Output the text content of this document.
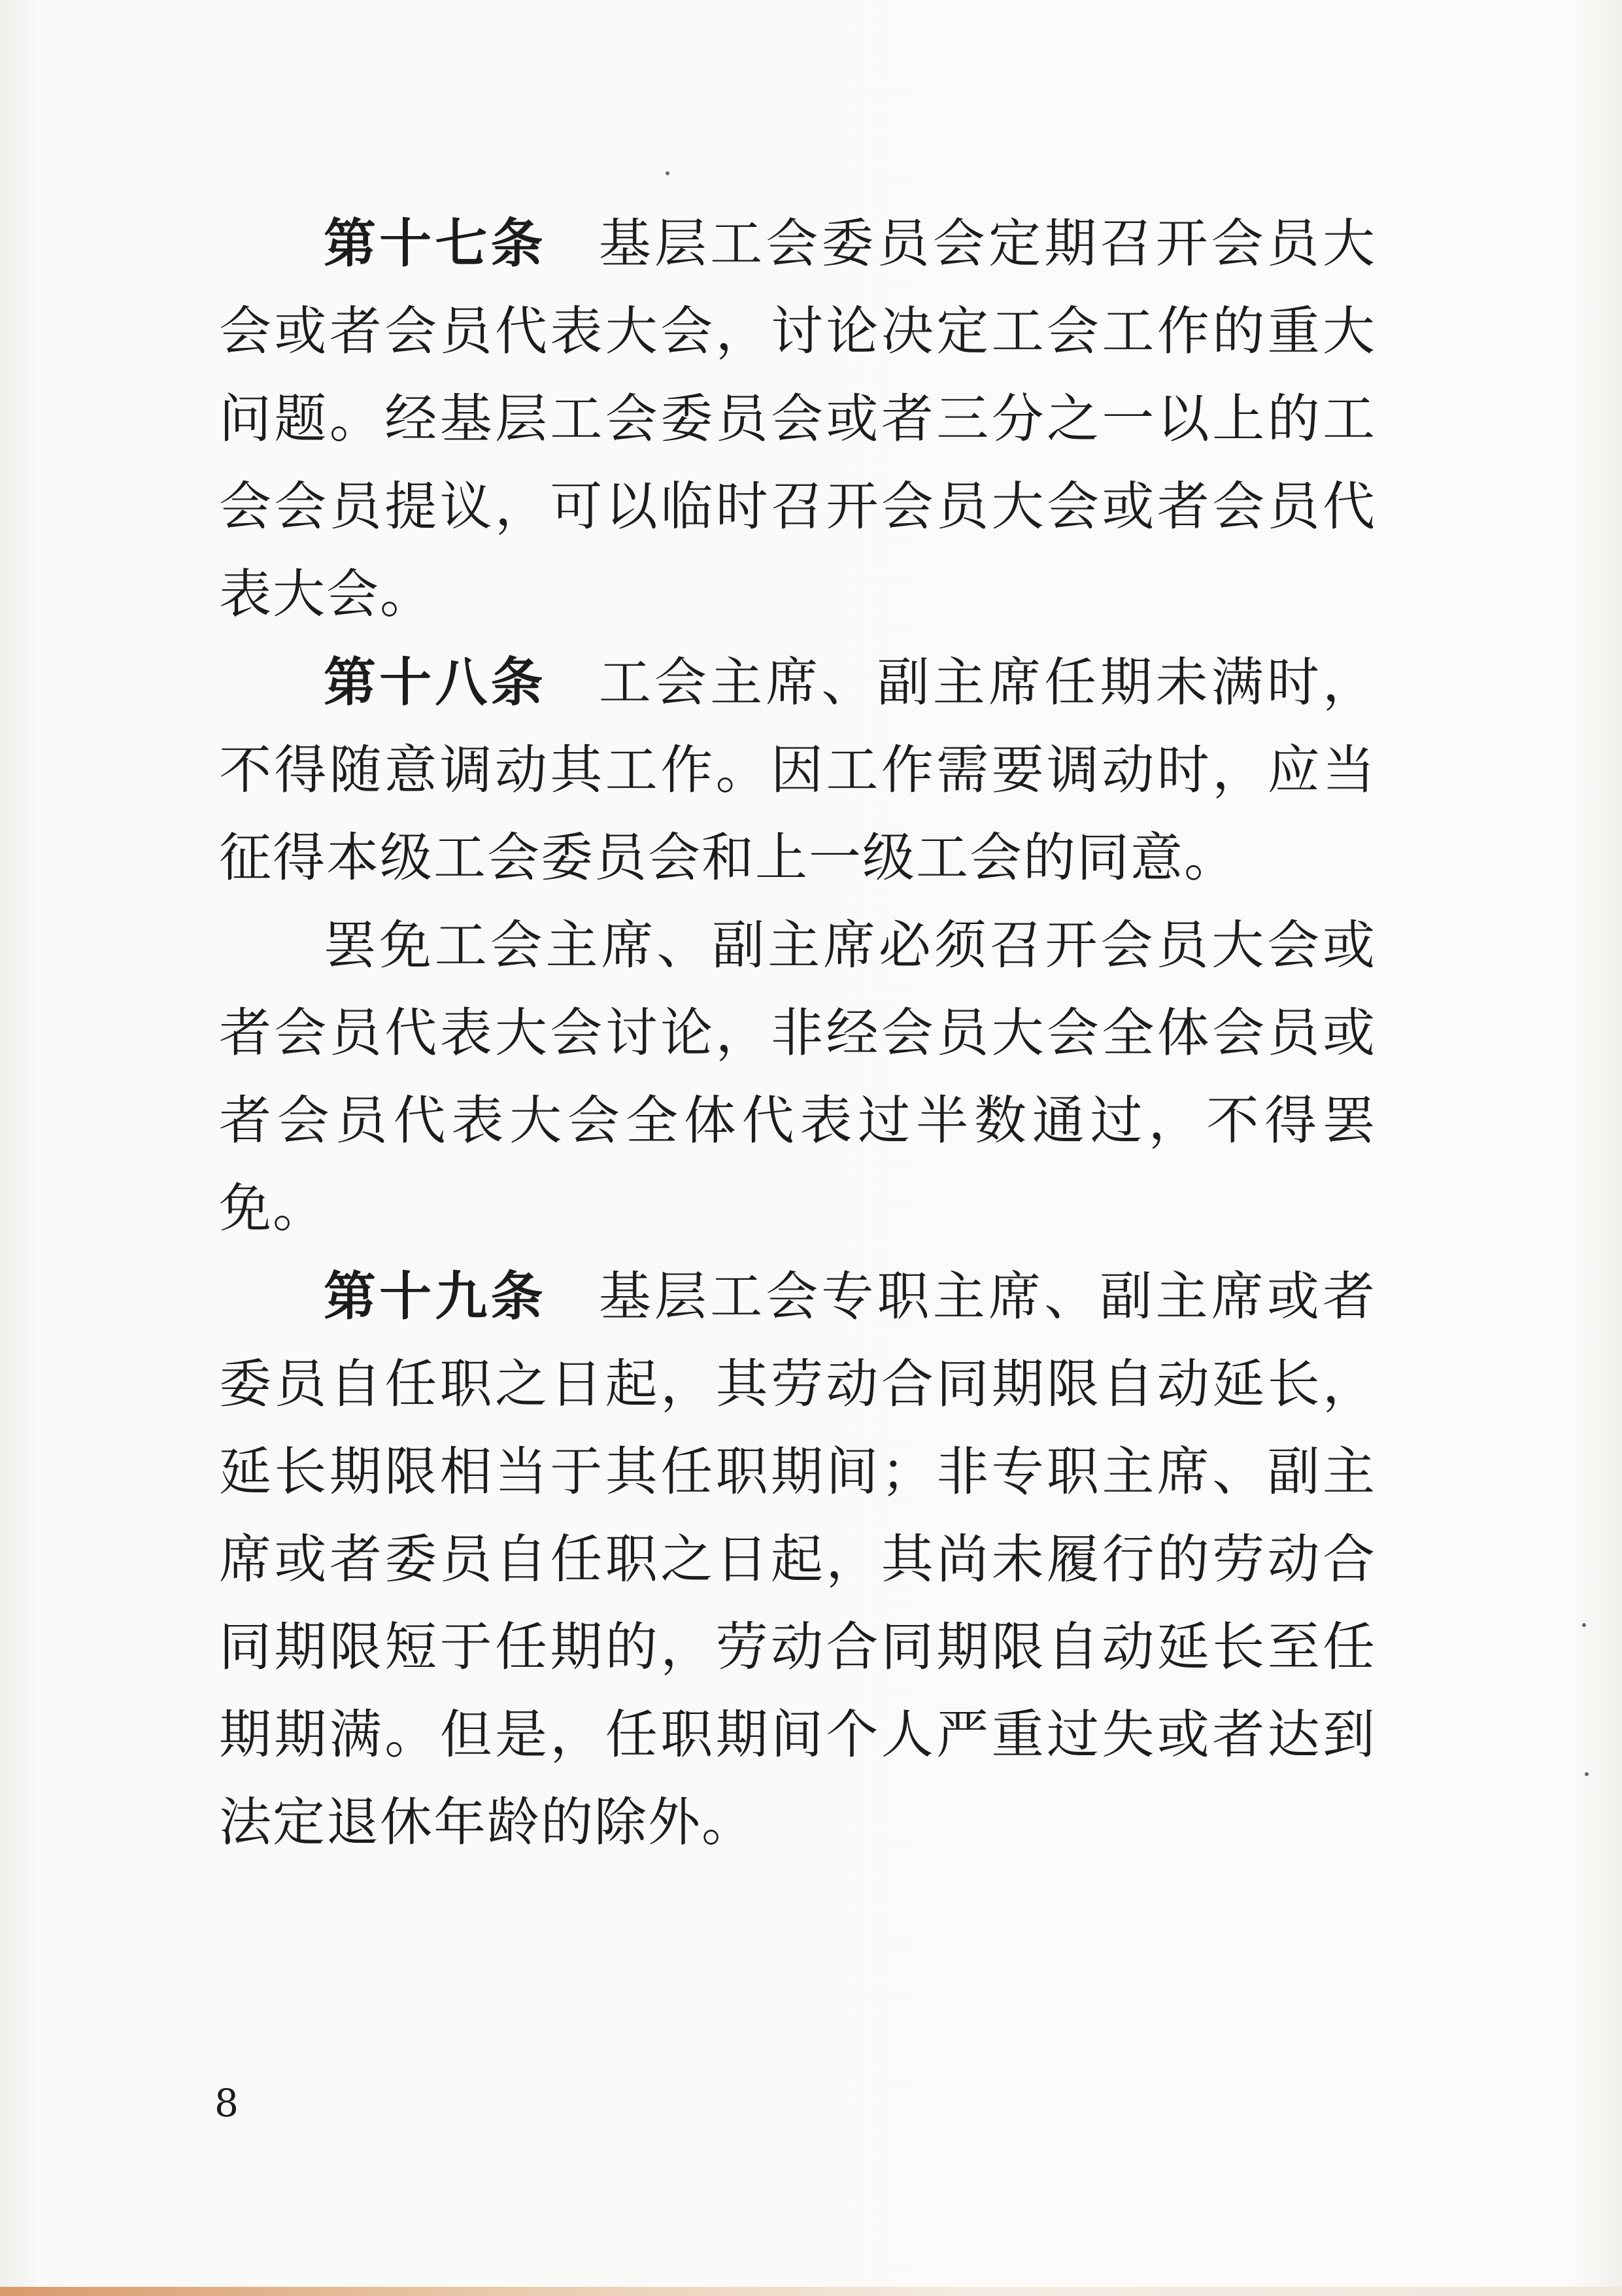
第十七条 基层工会委员会定期召开会员大会或者会员代表大会，讨论决定工会工作的重大问题。经基层工会委员会或者三分之一以上的工会会员提议，可以临时召开会员大会或者会员代表大会。

第十八条 工会主席、副主席任期未满时，不得随意调动其工作。因工作需要调动时，应当征得本级工会委员会和上一级工会的同意。

罢免工会主席、副主席必须召开会员大会或者会员代表大会讨论，非经会员大会全体会员或者会员代表大会全体代表过半数通过，不得罢免。

第十九条 基层工会专职主席、副主席或者委员自任职之日起，其劳动合同期限自动延长，延长期限相当于其任职期间；非专职主席、副主席或者委员自任职之日起，其尚未履行的劳动合同期限短于任期的，劳动合同期限自动延长至任期期满。但是，任职期间个人严重过失或者达到法定退休年龄的除外。

8
